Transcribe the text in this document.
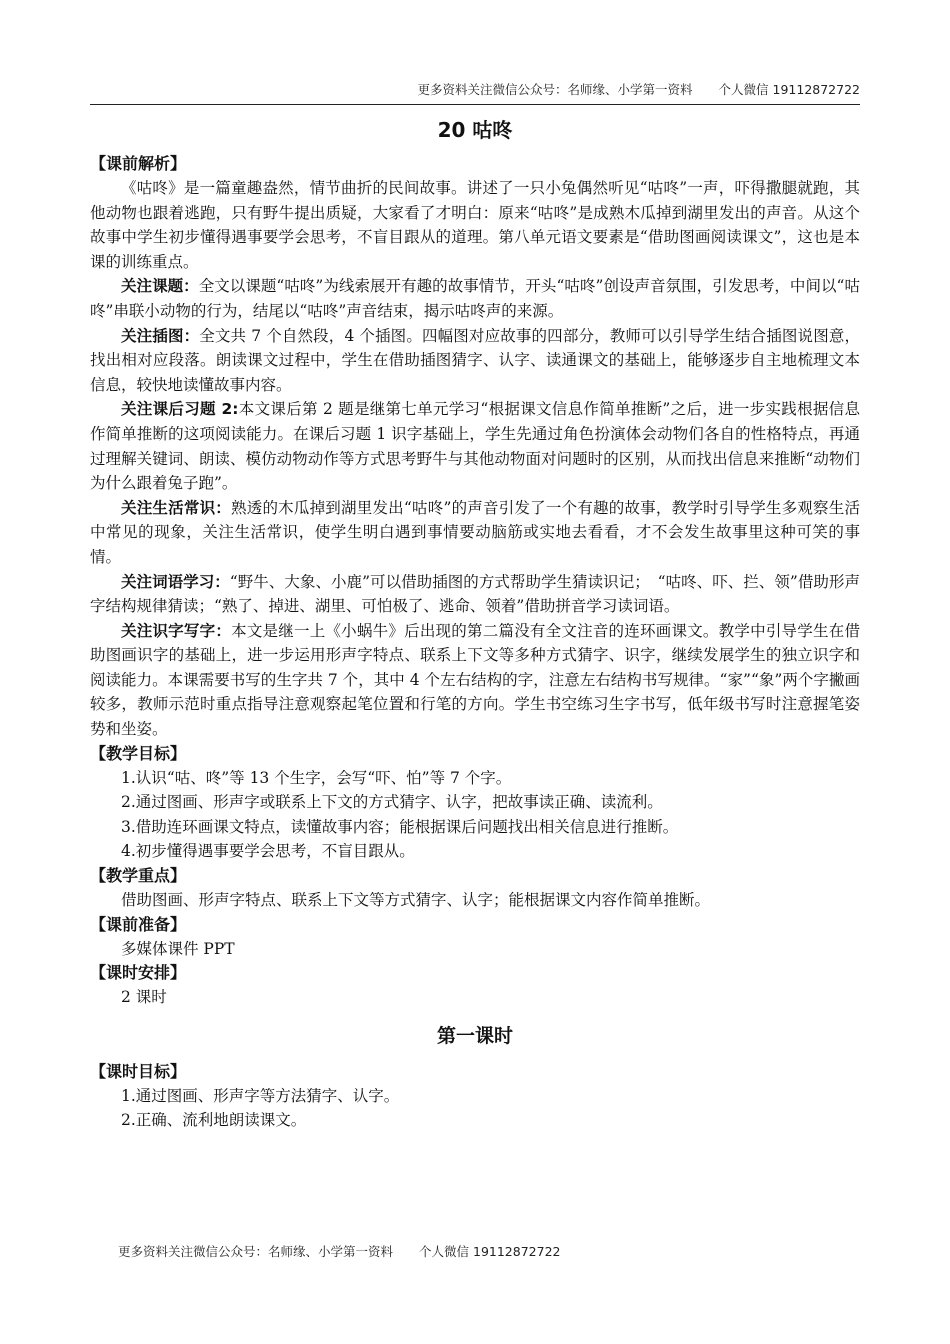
更多资料关注微信公众号：名师缘、小学第一资料 个人微信 19112872722
20 咕咚
【课前解析】

《咕咚》是一篇童趣盎然，情节曲折的民间故事。讲述了一只小兔偶然听见“咕咚”一声，吓得撒腿就跑，其他动物也跟着逃跑，只有野牛提出质疑，大家看了才明白：原来“咕咚”是成熟木瓜掉到湖里发出的声音。从这个故事中学生初步懂得遇事要学会思考，不盲目跟从的道理。第八单元语文要素是“借助图画阅读课文”，这也是本课的训练重点。

关注课题：全文以课题“咕咚”为线索展开有趣的故事情节，开头“咕咚”创设声音氛围，引发思考，中间以“咕咚”串联小动物的行为，结尾以“咕咚”声音结束，揭示咕咚声的来源。

关注插图：全文共 7 个自然段，4 个插图。四幅图对应故事的四部分，教师可以引导学生结合插图说图意，找出相对应段落。朗读课文过程中，学生在借助插图猜字、认字、读通课文的基础上，能够逐步自主地梳理文本信息，较快地读懂故事内容。

关注课后习题 2:本文课后第 2 题是继第七单元学习“根据课文信息作简单推断”之后，进一步实践根据信息作简单推断的这项阅读能力。在课后习题 1 识字基础上，学生先通过角色扮演体会动物们各自的性格特点，再通过理解关键词、朗读、模仿动物动作等方式思考野牛与其他动物面对问题时的区别，从而找出信息来推断“动物们为什么跟着兔子跑”。

关注生活常识：熟透的木瓜掉到湖里发出“咕咚”的声音引发了一个有趣的故事，教学时引导学生多观察生活中常见的现象，关注生活常识，使学生明白遇到事情要动脑筋或实地去看看，才不会发生故事里这种可笑的事情。

关注词语学习：“野牛、大象、小鹿”可以借助插图的方式帮助学生猜读识记；　“咕咚、吓、拦、领”借助形声字结构规律猜读；“熟了、掉进、湖里、可怕极了、逃命、领着”借助拼音学习读词语。

关注识字写字：本文是继一上《小蜗牛》后出现的第二篇没有全文注音的连环画课文。教学中引导学生在借助图画识字的基础上，进一步运用形声字特点、联系上下文等多种方式猜字、识字，继续发展学生的独立识字和阅读能力。本课需要书写的生字共 7 个，其中 4 个左右结构的字，注意左右结构书写规律。“家”“象”两个字撇画较多，教师示范时重点指导注意观察起笔位置和行笔的方向。学生书空练习生字书写，低年级书写时注意握笔姿势和坐姿。

【教学目标】

1.认识“咕、咚”等 13 个生字，会写“吓、怕”等 7 个字。

2.通过图画、形声字或联系上下文的方式猜字、认字，把故事读正确、读流利。

3.借助连环画课文特点，读懂故事内容；能根据课后问题找出相关信息进行推断。

4.初步懂得遇事要学会思考，不盲目跟从。

【教学重点】

借助图画、形声字特点、联系上下文等方式猜字、认字；能根据课文内容作简单推断。

【课前准备】

多媒体课件 PPT

【课时安排】

2 课时

第一课时
【课时目标】

1.通过图画、形声字等方法猜字、认字。

2.正确、流利地朗读课文。

更多资料关注微信公众号：名师缘、小学第一资料 个人微信 19112872722
